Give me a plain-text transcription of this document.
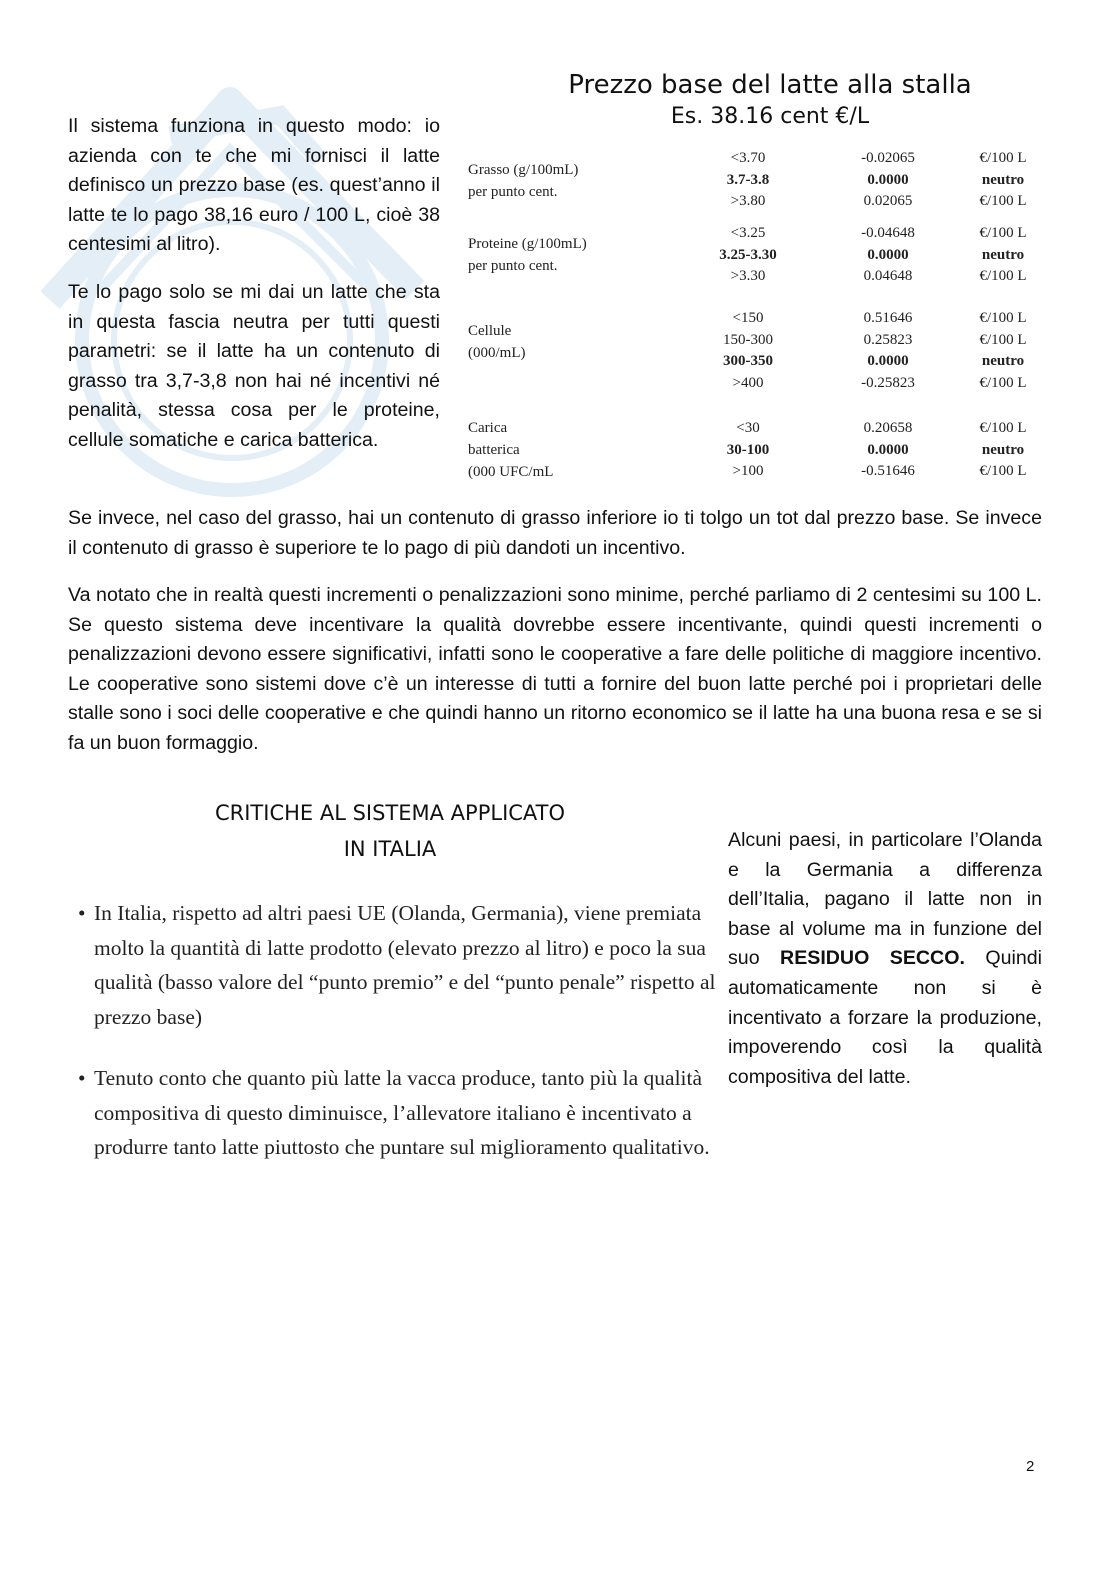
Il sistema funziona in questo modo: io azienda con te che mi fornisci il latte definisco un prezzo base (es. quest’anno il latte te lo pago 38,16 euro / 100 L, cioè 38 centesimi al litro).

Te lo pago solo se mi dai un latte che sta in questa fascia neutra per tutti questi parametri: se il latte ha un contenuto di grasso tra 3,7-3,8 non hai né incentivi né penalità, stessa cosa per le proteine, cellule somatiche e carica batterica.

Prezzo base del latte alla stalla
Es. 38.16 cent €/L
Grasso (g/100mL)
per punto cent.
<3.70	-0.02065	€/100 L
3.7-3.8	0.0000	neutro
>3.80	0.02065	€/100 L
Proteine (g/100mL)
per punto cent.
<3.25	-0.04648	€/100 L
3.25-3.30	0.0000	neutro
>3.30	0.04648	€/100 L
Cellule
(000/mL)
<150	0.51646	€/100 L
150-300	0.25823	€/100 L
300-350	0.0000	neutro
>400	-0.25823	€/100 L
Carica
batterica
(000 UFC/mL
<30	0.20658	€/100 L
30-100	0.0000	neutro
>100	-0.51646	€/100 L

Se invece, nel caso del grasso, hai un contenuto di grasso inferiore io ti tolgo un tot dal prezzo base. Se invece il contenuto di grasso è superiore te lo pago di più dandoti un incentivo.

Va notato che in realtà questi incrementi o penalizzazioni sono minime, perché parliamo di 2 centesimi su 100 L. Se questo sistema deve incentivare la qualità dovrebbe essere incentivante, quindi questi incrementi o penalizzazioni devono essere significativi, infatti sono le cooperative a fare delle politiche di maggiore incentivo. Le cooperative sono sistemi dove c’è un interesse di tutti a fornire del buon latte perché poi i proprietari delle stalle sono i soci delle cooperative e che quindi hanno un ritorno economico se il latte ha una buona resa e se si fa un buon formaggio.

CRITICHE AL SISTEMA APPLICATO
IN ITALIA
• In Italia, rispetto ad altri paesi UE (Olanda, Germania), viene premiata molto la quantità di latte prodotto (elevato prezzo al litro) e poco la sua qualità (basso valore del “punto premio” e del “punto penale” rispetto al prezzo base)
• Tenuto conto che quanto più latte la vacca produce, tanto più la qualità compositiva di questo diminuisce, l’allevatore italiano è incentivato a produrre tanto latte piuttosto che puntare sul miglioramento qualitativo.

Alcuni paesi, in particolare l’Olanda e la Germania a differenza dell’Italia, pagano il latte non in base al volume ma in funzione del suo RESIDUO SECCO. Quindi automaticamente non si è incentivato a forzare la produzione, impoverendo così la qualità compositiva del latte.

2
